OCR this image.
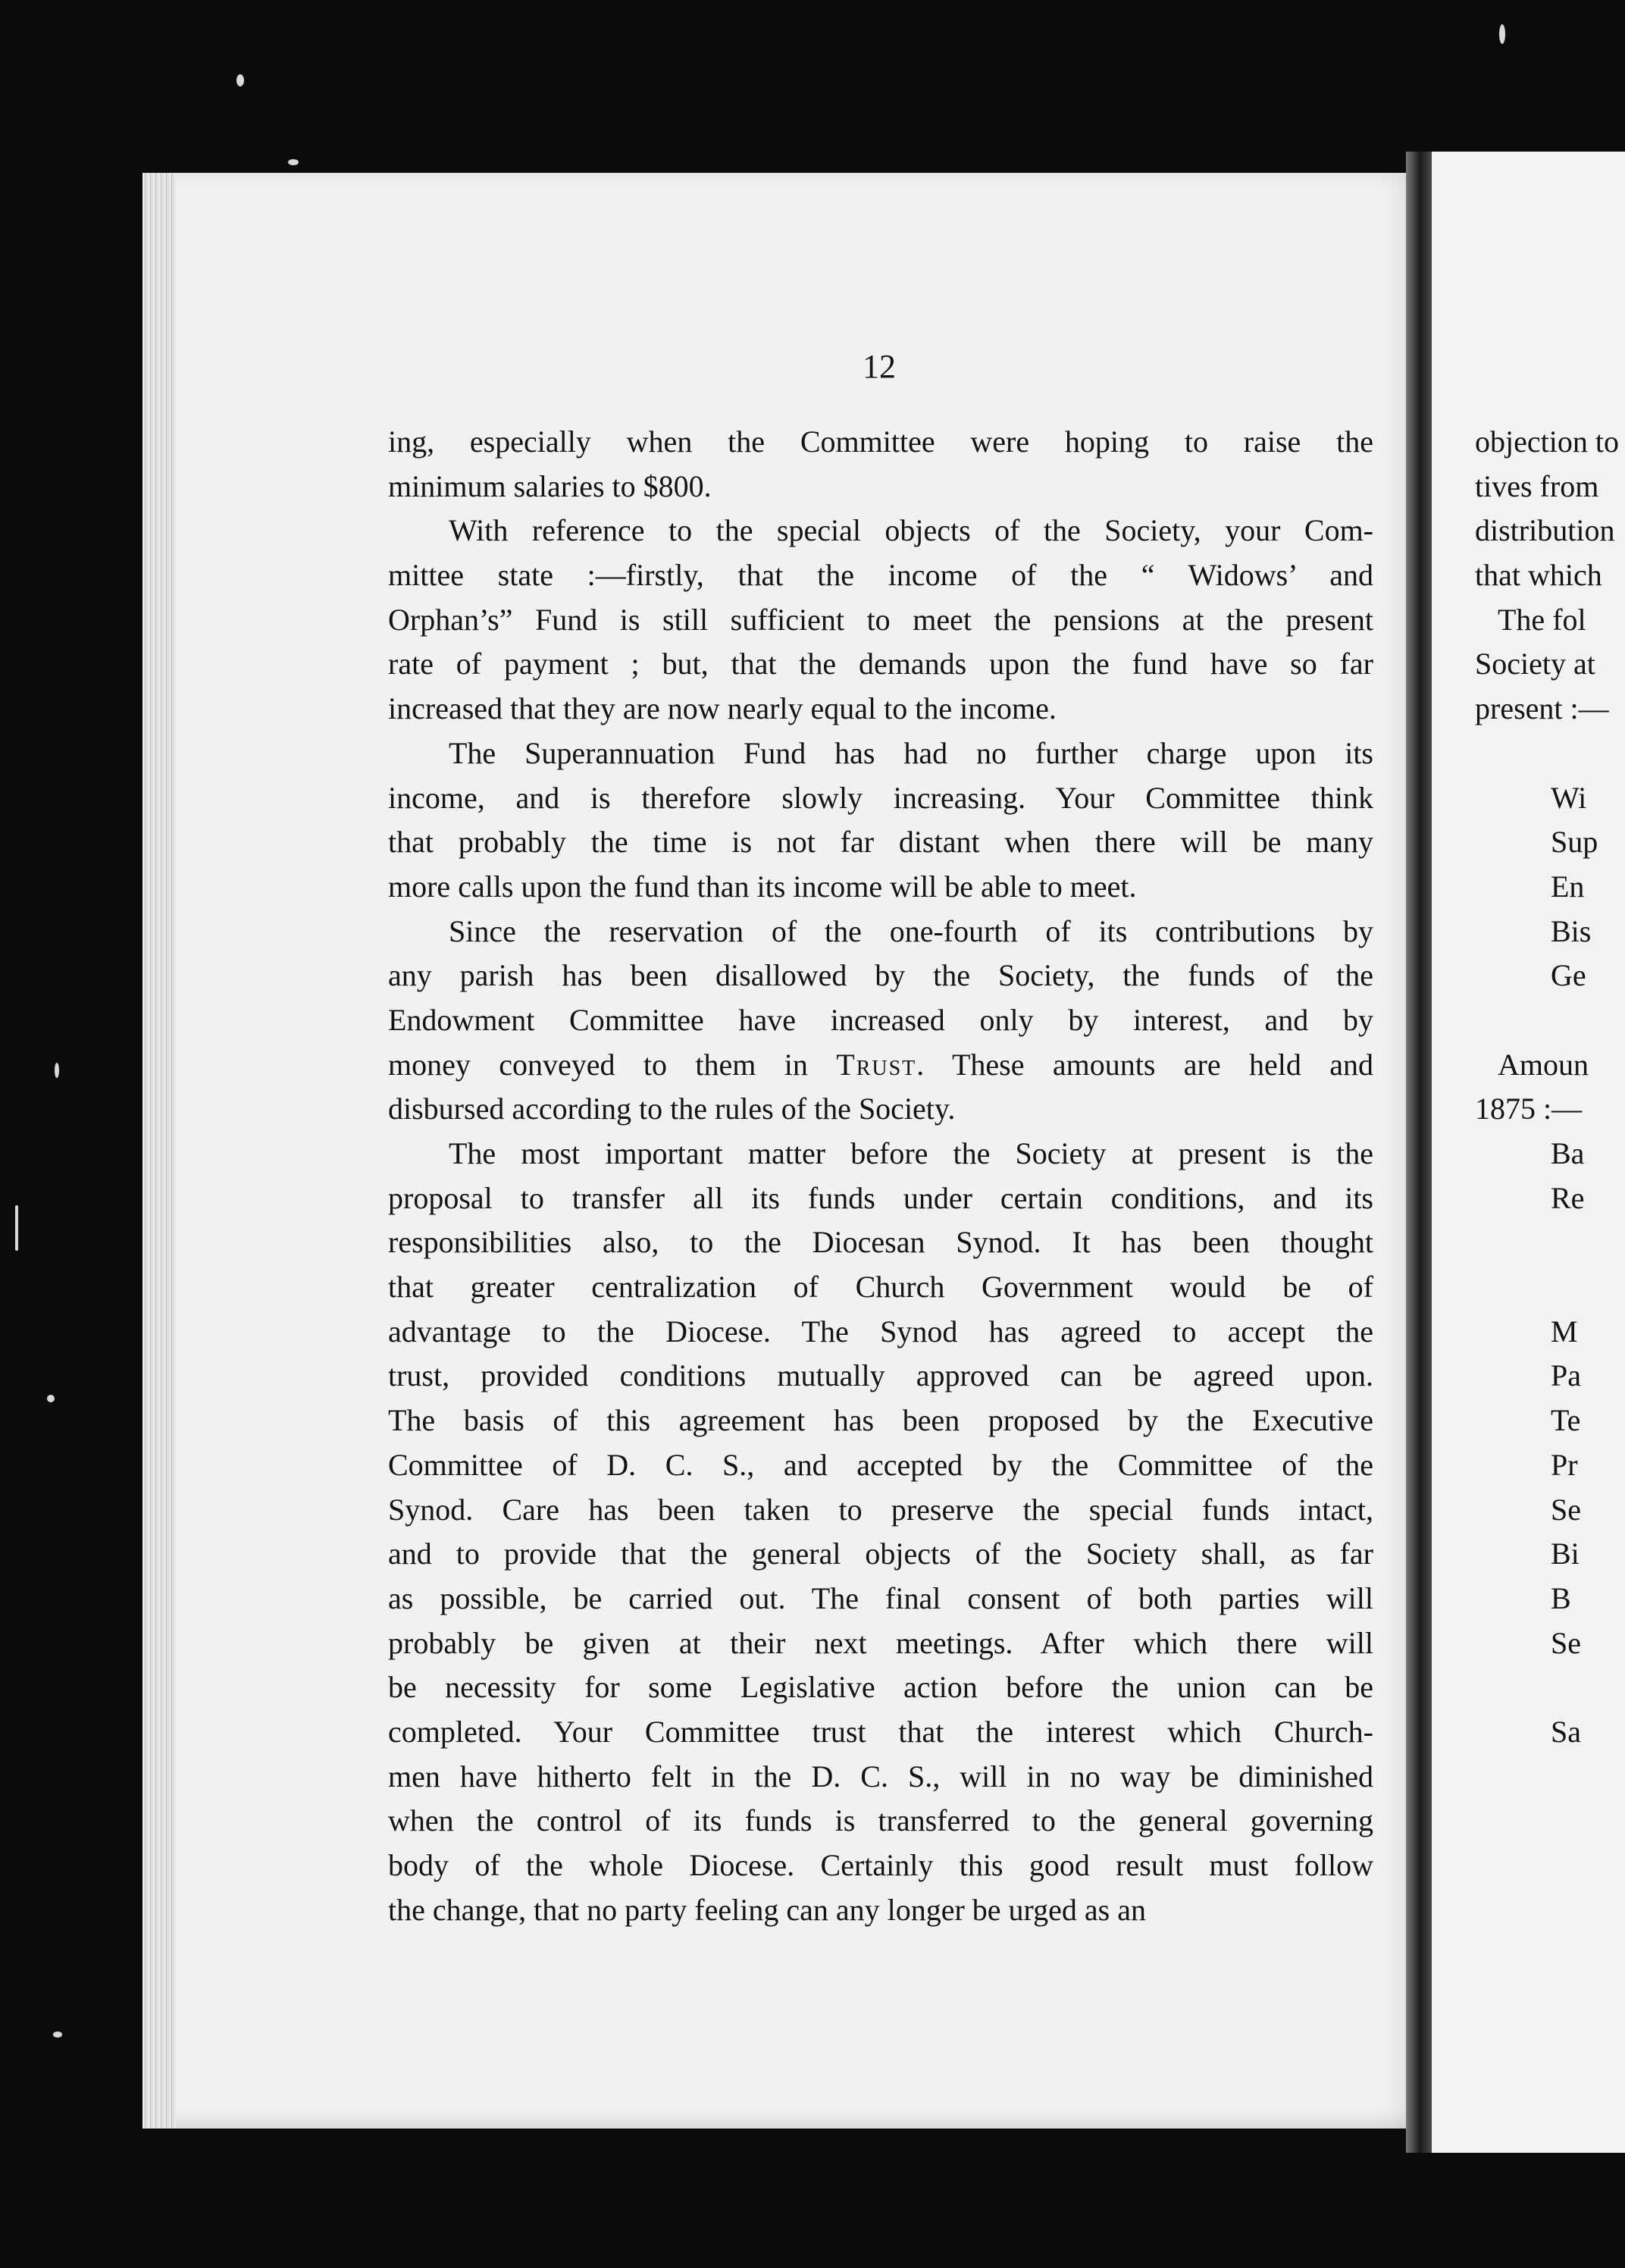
12
ing, especially when the Committee were hoping to raise the
minimum salaries to $800.
With reference to the special objects of the Society, your Com-
mittee state :—firstly, that the income of the “ Widows’ and
Orphan’s” Fund is still sufficient to meet the pensions at the present
rate of payment ; but, that the demands upon the fund have so far
increased that they are now nearly equal to the income.
The Superannuation Fund has had no further charge upon its
income, and is therefore slowly increasing. Your Committee think
that probably the time is not far distant when there will be many
more calls upon the fund than its income will be able to meet.
Since the reservation of the one-fourth of its contributions by
any parish has been disallowed by the Society, the funds of the
Endowment Committee have increased only by interest, and by
money conveyed to them in Trust. These amounts are held and
disbursed according to the rules of the Society.
The most important matter before the Society at present is the
proposal to transfer all its funds under certain conditions, and its
responsibilities also, to the Diocesan Synod. It has been thought
that greater centralization of Church Government would be of
advantage to the Diocese. The Synod has agreed to accept the
trust, provided conditions mutually approved can be agreed upon.
The basis of this agreement has been proposed by the Executive
Committee of D. C. S., and accepted by the Committee of the
Synod. Care has been taken to preserve the special funds intact,
and to provide that the general objects of the Society shall, as far
as possible, be carried out. The final consent of both parties will
probably be given at their next meetings. After which there will
be necessity for some Legislative action before the union can be
completed. Your Committee trust that the interest which Church-
men have hitherto felt in the D. C. S., will in no way be diminished
when the control of its funds is transferred to the general governing
body of the whole Diocese. Certainly this good result must follow
the change, that no party feeling can any longer be urged as an
objection to
tives from
distribution
that which
The fol
Society at
present :—
Wi
Sup
En
Bis
Ge
Amoun
1875 :—
Ba
Re
M
Pa
Te
Pr
Se
Bi
B
Se
Sa
